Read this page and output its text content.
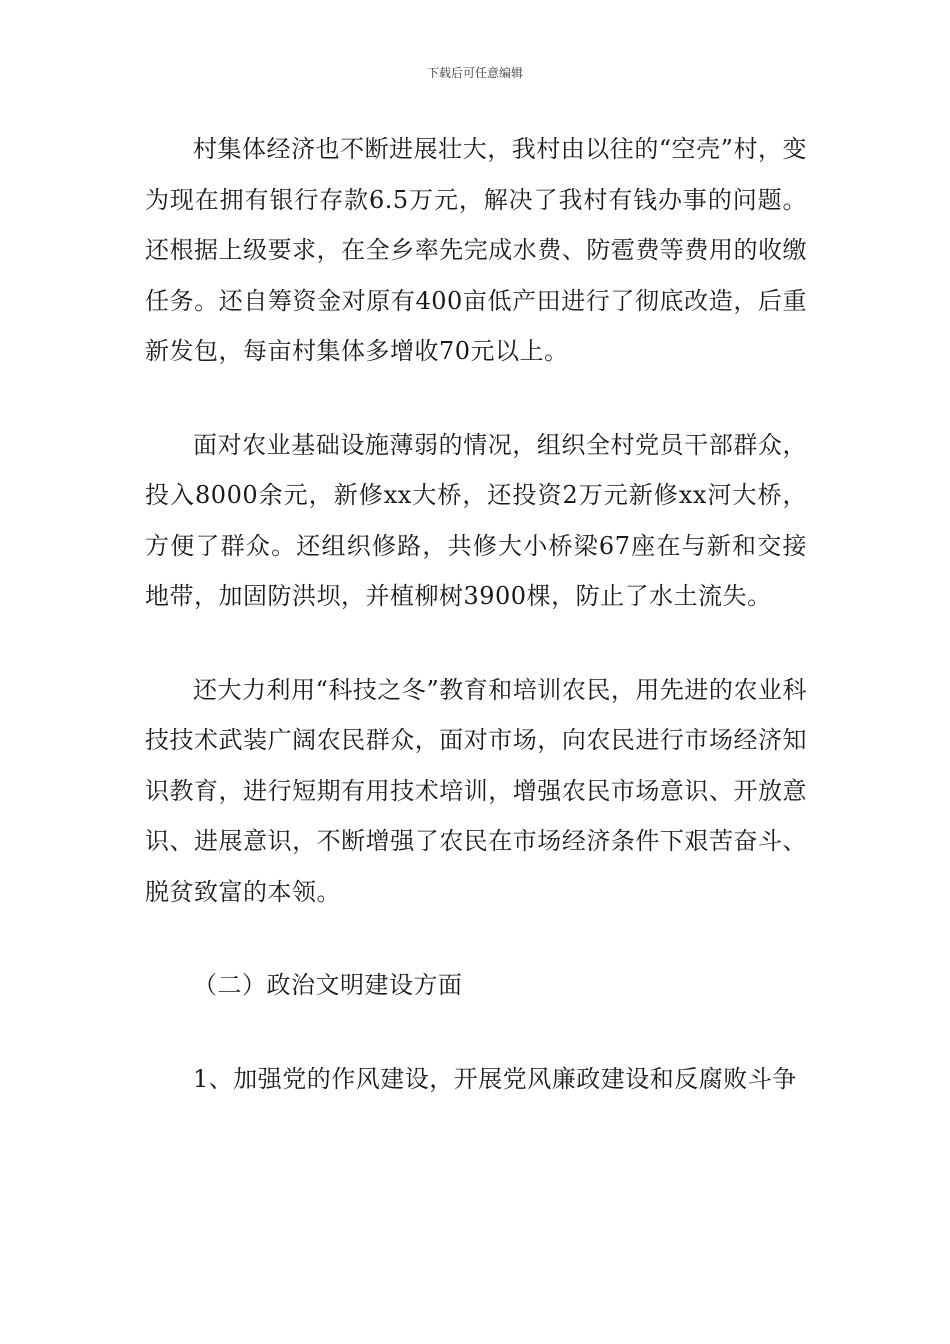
下载后可任意编辑

村集体经济也不断进展壮大，我村由以往的“空壳”村，变为现在拥有银行存款6.5万元，解决了我村有钱办事的问题。还根据上级要求，在全乡率先完成水费、防雹费等费用的收缴任务。还自筹资金对原有400亩低产田进行了彻底改造，后重新发包，每亩村集体多增收70元以上。

面对农业基础设施薄弱的情况，组织全村党员干部群众，投入8000余元，新修xx大桥，还投资2万元新修xx河大桥，方便了群众。还组织修路，共修大小桥梁67座在与新和交接地带，加固防洪坝，并植柳树3900棵，防止了水土流失。

还大力利用“科技之冬”教育和培训农民，用先进的农业科技技术武装广阔农民群众，面对市场，向农民进行市场经济知识教育，进行短期有用技术培训，增强农民市场意识、开放意识、进展意识，不断增强了农民在市场经济条件下艰苦奋斗、脱贫致富的本领。

（二）政治文明建设方面

1、加强党的作风建设，开展党风廉政建设和反腐败斗争
